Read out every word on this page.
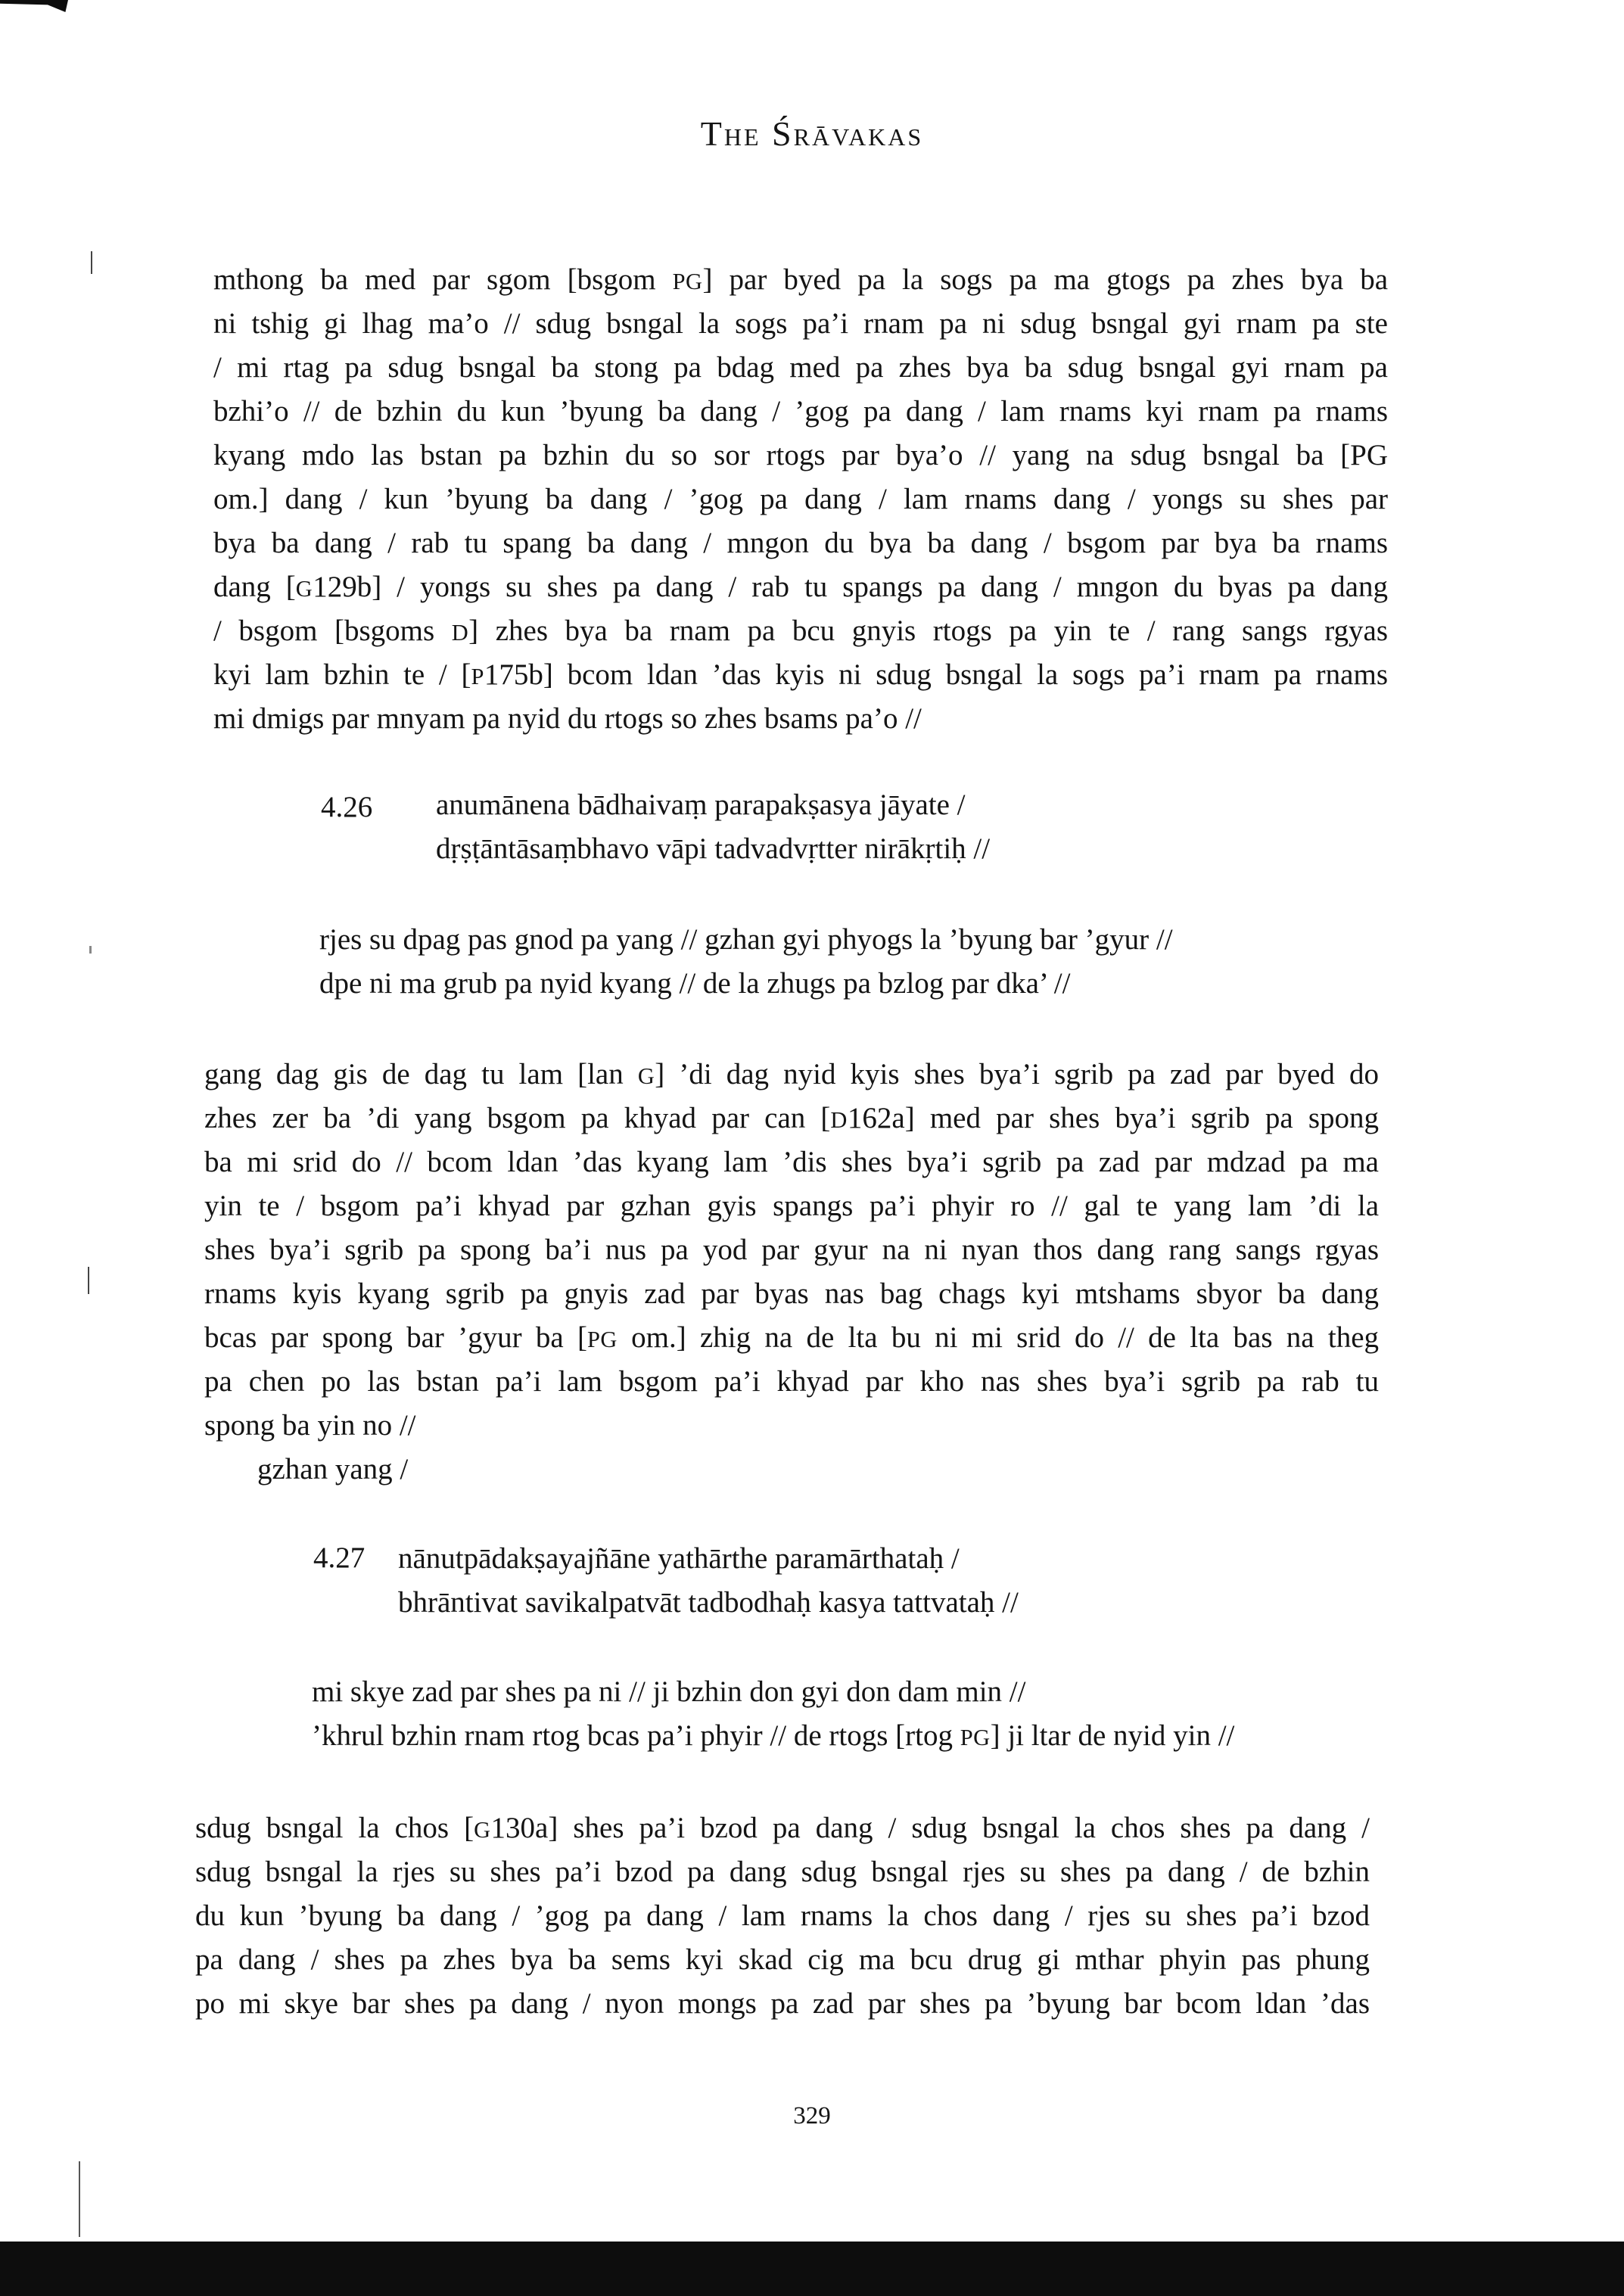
The Śrāvakas
mthong ba med par sgom [bsgom PG] par byed pa la sogs pa ma gtogs pa zhes bya ba
ni tshig gi lhag ma’o // sdug bsngal la sogs pa’i rnam pa ni sdug bsngal gyi rnam pa ste
/ mi rtag pa sdug bsngal ba stong pa bdag med pa zhes bya ba sdug bsngal gyi rnam pa
bzhi’o // de bzhin du kun ’byung ba dang / ’gog pa dang / lam rnams kyi rnam pa rnams
kyang mdo las bstan pa bzhin du so sor rtogs par bya’o // yang na sdug bsngal ba [PG
om.] dang / kun ’byung ba dang / ’gog pa dang / lam rnams dang / yongs su shes par
bya ba dang / rab tu spang ba dang / mngon du bya ba dang / bsgom par bya ba rnams
dang [G129b] / yongs su shes pa dang / rab tu spangs pa dang / mngon du byas pa dang
/ bsgom [bsgoms D] zhes bya ba rnam pa bcu gnyis rtogs pa yin te / rang sangs rgyas
kyi lam bzhin te / [P175b] bcom ldan ’das kyis ni sdug bsngal la sogs pa’i rnam pa rnams
mi dmigs par mnyam pa nyid du rtogs so zhes bsams pa’o //
4.26 anumānena bādhaivaṃ parapakṣasya jāyate /
dṛṣṭāntāsaṃbhavo vāpi tadvadvṛtter nirākṛtiḥ //
rjes su dpag pas gnod pa yang // gzhan gyi phyogs la ’byung bar ’gyur //
dpe ni ma grub pa nyid kyang // de la zhugs pa bzlog par dka’ //
gang dag gis de dag tu lam [lan G] ’di dag nyid kyis shes bya’i sgrib pa zad par byed do
zhes zer ba ’di yang bsgom pa khyad par can [D162a] med par shes bya’i sgrib pa spong
ba mi srid do // bcom ldan ’das kyang lam ’dis shes bya’i sgrib pa zad par mdzad pa ma
yin te / bsgom pa’i khyad par gzhan gyis spangs pa’i phyir ro // gal te yang lam ’di la
shes bya’i sgrib pa spong ba’i nus pa yod par gyur na ni nyan thos dang rang sangs rgyas
rnams kyis kyang sgrib pa gnyis zad par byas nas bag chags kyi mtshams sbyor ba dang
bcas par spong bar ’gyur ba [PG om.] zhig na de lta bu ni mi srid do // de lta bas na theg
pa chen po las bstan pa’i lam bsgom pa’i khyad par kho nas shes bya’i sgrib pa rab tu
spong ba yin no //
gzhan yang /
4.27 nānutpādakṣayajñāne yathārthe paramārthataḥ /
bhrāntivat savikalpatvāt tadbodhaḥ kasya tattvataḥ //
mi skye zad par shes pa ni // ji bzhin don gyi don dam min //
’khrul bzhin rnam rtog bcas pa’i phyir // de rtogs [rtog PG] ji ltar de nyid yin //
sdug bsngal la chos [G130a] shes pa’i bzod pa dang / sdug bsngal la chos shes pa dang /
sdug bsngal la rjes su shes pa’i bzod pa dang sdug bsngal rjes su shes pa dang / de bzhin
du kun ’byung ba dang / ’gog pa dang / lam rnams la chos dang / rjes su shes pa’i bzod
pa dang / shes pa zhes bya ba sems kyi skad cig ma bcu drug gi mthar phyin pas phung
po mi skye bar shes pa dang / nyon mongs pa zad par shes pa ’byung bar bcom ldan ’das
329
